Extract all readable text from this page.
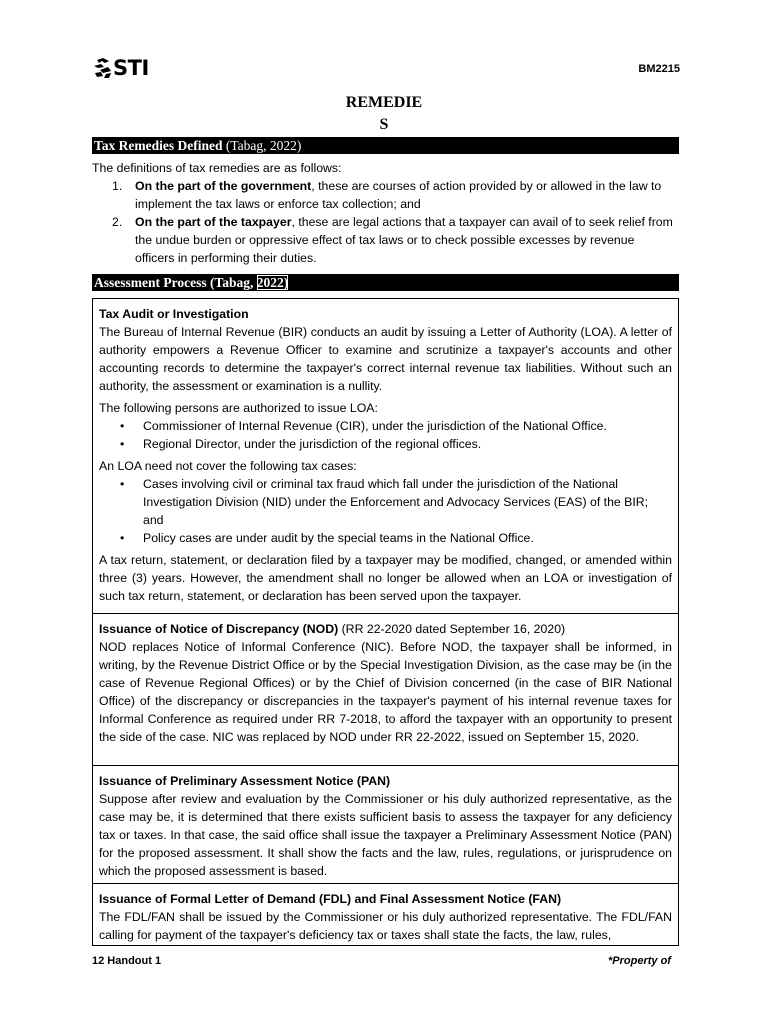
STI	BM2215
REMEDIE
S
Tax Remedies Defined (Tabag, 2022)
The definitions of tax remedies are as follows:
1. On the part of the government, these are courses of action provided by or allowed in the law to implement the tax laws or enforce tax collection; and
2. On the part of the taxpayer, these are legal actions that a taxpayer can avail of to seek relief from the undue burden or oppressive effect of tax laws or to check possible excesses by revenue officers in performing their duties.
Assessment Process (Tabag, 2022)
Tax Audit or Investigation

The Bureau of Internal Revenue (BIR) conducts an audit by issuing a Letter of Authority (LOA). A letter of authority empowers a Revenue Officer to examine and scrutinize a taxpayer's accounts and other accounting records to determine the taxpayer's correct internal revenue tax liabilities. Without such an authority, the assessment or examination is a nullity.

The following persons are authorized to issue LOA:

• Commissioner of Internal Revenue (CIR), under the jurisdiction of the National Office.
• Regional Director, under the jurisdiction of the regional offices.

An LOA need not cover the following tax cases:

• Cases involving civil or criminal tax fraud which fall under the jurisdiction of the National Investigation Division (NID) under the Enforcement and Advocacy Services (EAS) of the BIR; and
• Policy cases are under audit by the special teams in the National Office.

A tax return, statement, or declaration filed by a taxpayer may be modified, changed, or amended within three (3) years. However, the amendment shall no longer be allowed when an LOA or investigation of such tax return, statement, or declaration has been served upon the taxpayer.

Issuance of Notice of Discrepancy (NOD) (RR 22-2020 dated September 16, 2020)

NOD replaces Notice of Informal Conference (NIC). Before NOD, the taxpayer shall be informed, in writing, by the Revenue District Office or by the Special Investigation Division, as the case may be (in the case of Revenue Regional Offices) or by the Chief of Division concerned (in the case of BIR National Office) of the discrepancy or discrepancies in the taxpayer's payment of his internal revenue taxes for Informal Conference as required under RR 7-2018, to afford the taxpayer with an opportunity to present the side of the case. NIC was replaced by NOD under RR 22-2022, issued on September 15, 2020.

Issuance of Preliminary Assessment Notice (PAN)

Suppose after review and evaluation by the Commissioner or his duly authorized representative, as the case may be, it is determined that there exists sufficient basis to assess the taxpayer for any deficiency tax or taxes. In that case, the said office shall issue the taxpayer a Preliminary Assessment Notice (PAN) for the proposed assessment. It shall show the facts and the law, rules, regulations, or jurisprudence on which the proposed assessment is based.

Issuance of Formal Letter of Demand (FDL) and Final Assessment Notice (FAN)

The FDL/FAN shall be issued by the Commissioner or his duly authorized representative. The FDL/FAN calling for payment of the taxpayer's deficiency tax or taxes shall state the facts, the law, rules,

12 Handout 1	*Property of
